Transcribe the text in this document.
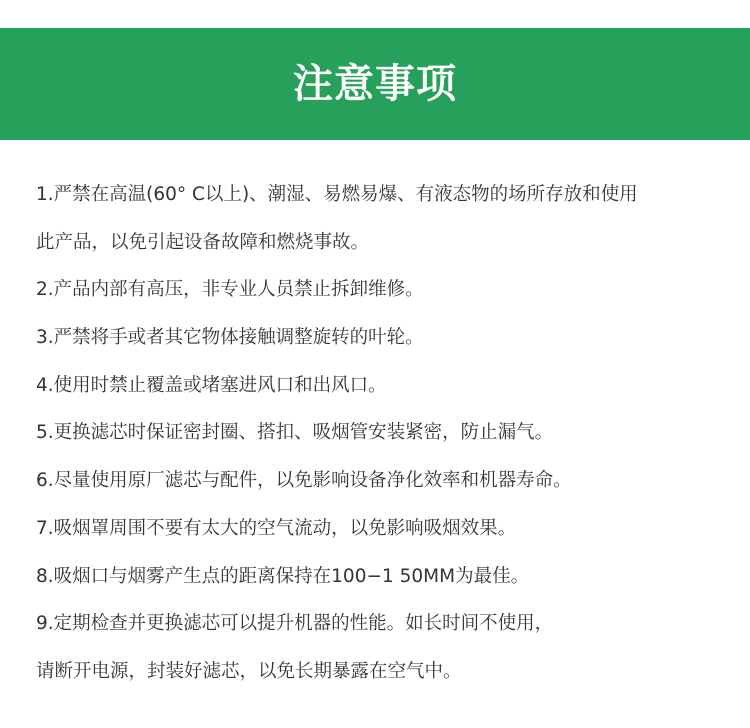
注意事项
1.严禁在高温(60° C以上)、潮湿、易燃易爆、有液态物的场所存放和使用
此产品，以免引起设备故障和燃烧事故。
2.产品内部有高压，非专业人员禁止拆卸维修。
3.严禁将手或者其它物体接触调整旋转的叶轮。
4.使用时禁止覆盖或堵塞进风口和出风口。
5.更换滤芯时保证密封圈、搭扣、吸烟管安装紧密，防止漏气。
6.尽量使用原厂滤芯与配件，以免影响设备净化效率和机器寿命。
7.吸烟罩周围不要有太大的空气流动，以免影响吸烟效果。
8.吸烟口与烟雾产生点的距离保持在100−1 50MM为最佳。
9.定期检查并更换滤芯可以提升机器的性能。如长时间不使用，
请断开电源，封装好滤芯，以免长期暴露在空气中。
